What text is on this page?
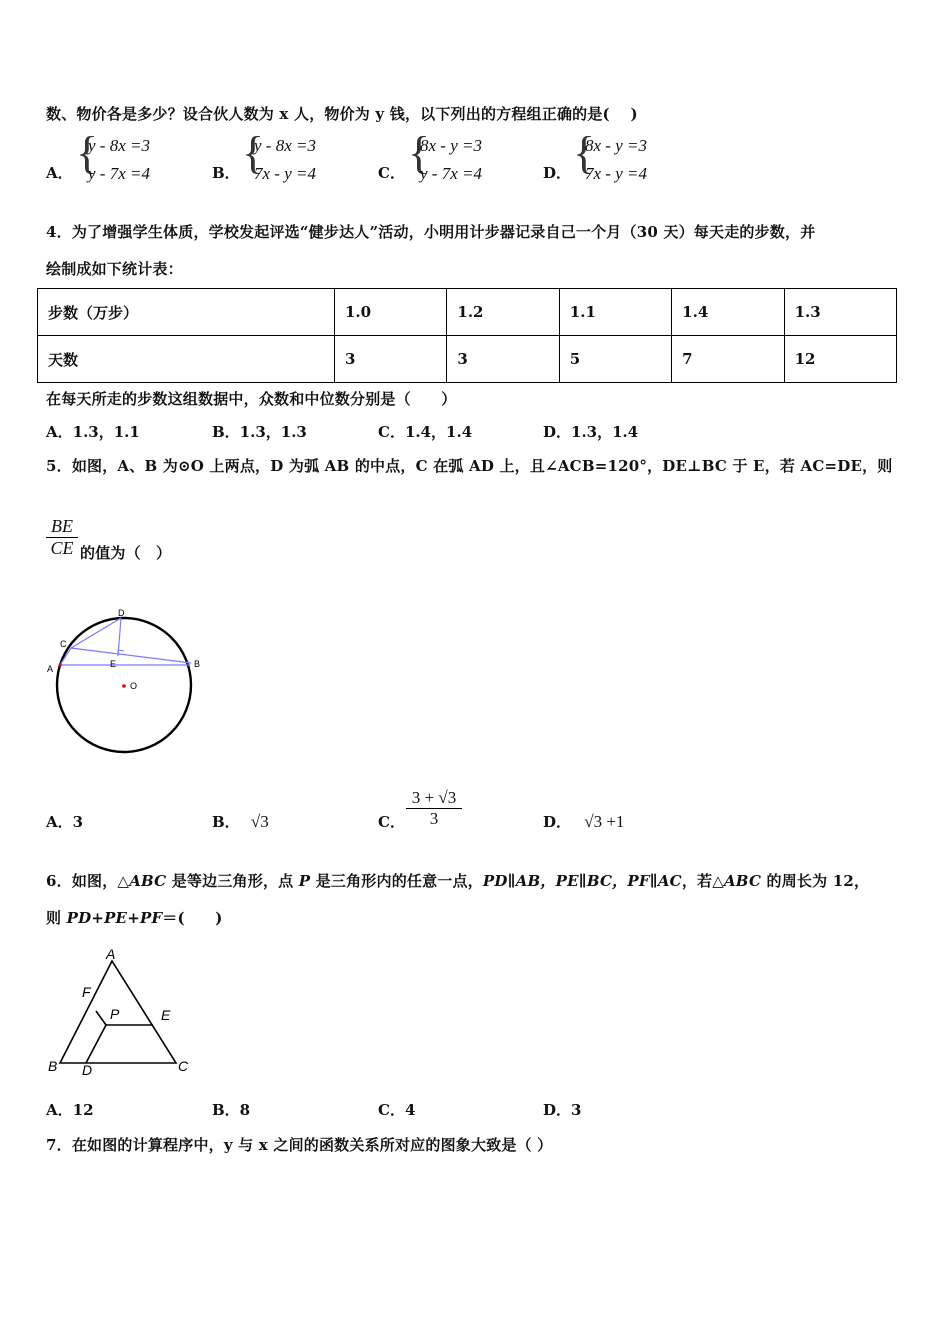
数、物价各是多少？设合伙人数为 x 人，物价为 y 钱，以下列出的方程组正确的是(　 )
A． {
y - 8x =3
y - 7x =4	B． {
y - 8x =3
7x - y =4	C． {
8x - y =3
y - 7x =4	D． {
8x - y =3
7x - y =4
4．为了增强学生体质，学校发起评选“健步达人”活动，小明用计步器记录自己一个月（30 天）每天走的步数，并
绘制成如下统计表：
步数（万步）	1.0	1.2	1.1	1.4	1.3
天数	3	3	5	7	12
在每天所走的步数这组数据中，众数和中位数分别是（　　）
A．1.3，1.1	B．1.3，1.3	C．1.4，1.4	D．1.3，1.4
5．如图，A、B 为⊙O 上两点，D 为弧 AB 的中点，C 在弧 AD 上，且∠ACB=120°，DE⊥BC 于 E，若 AC=DE，则
$\frac{BE}{CE}$ 的值为（　）
D
C
A	E	B
O
A．3	B． √3	C． $\frac{3 + √3}{3}$	D． √3 +1
6．如图，△ABC 是等边三角形，点 P 是三角形内的任意一点，PD∥AB，PE∥BC，PF∥AC，若△ABC 的周长为 12，
则 PD+PE+PF＝(　　)
A
F
P	E
B D	C
A．12	B．8	C．4	D．3
7．在如图的计算程序中，y 与 x 之间的函数关系所对应的图象大致是（ ）
